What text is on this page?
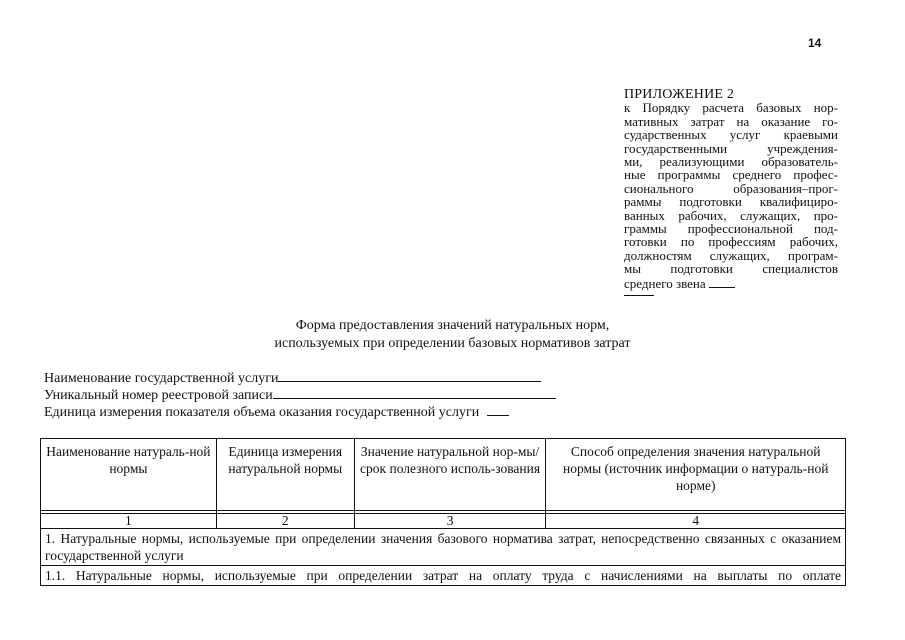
14
ПРИЛОЖЕНИЕ 2
к Порядку расчета базовых нор-
мативных затрат на оказание го-
сударственных услуг краевыми
государственными учреждения-
ми, реализующими образователь-
ные программы среднего профес-
сионального образования–прог-
раммы подготовки квалифициро-
ванных рабочих, служащих, про-
граммы профессиональной под-
готовки по профессиям рабочих,
должностям служащих, програм-
мы подготовки специалистов
среднего звена
Форма предоставления значений натуральных норм,
используемых при определении базовых нормативов затрат
Наименование государственной услуги
Уникальный номер реестровой записи
Единица измерения показателя объема оказания государственной услуги
Наименование натураль-ной нормы	Единица измерения натуральной нормы	Значение натуральной нор-мы/срок полезного исполь-зования	Способ определения значения натуральной нормы (источник информации о натураль-ной норме)

1	2	3	4
1. Натуральные нормы, используемые при определении значения базового норматива затрат, непосредственно связанных с оказанием государственной услуги			
1.1. Натуральные нормы, используемые при определении затрат на оплату труда с начислениями на выплаты по оплате			
